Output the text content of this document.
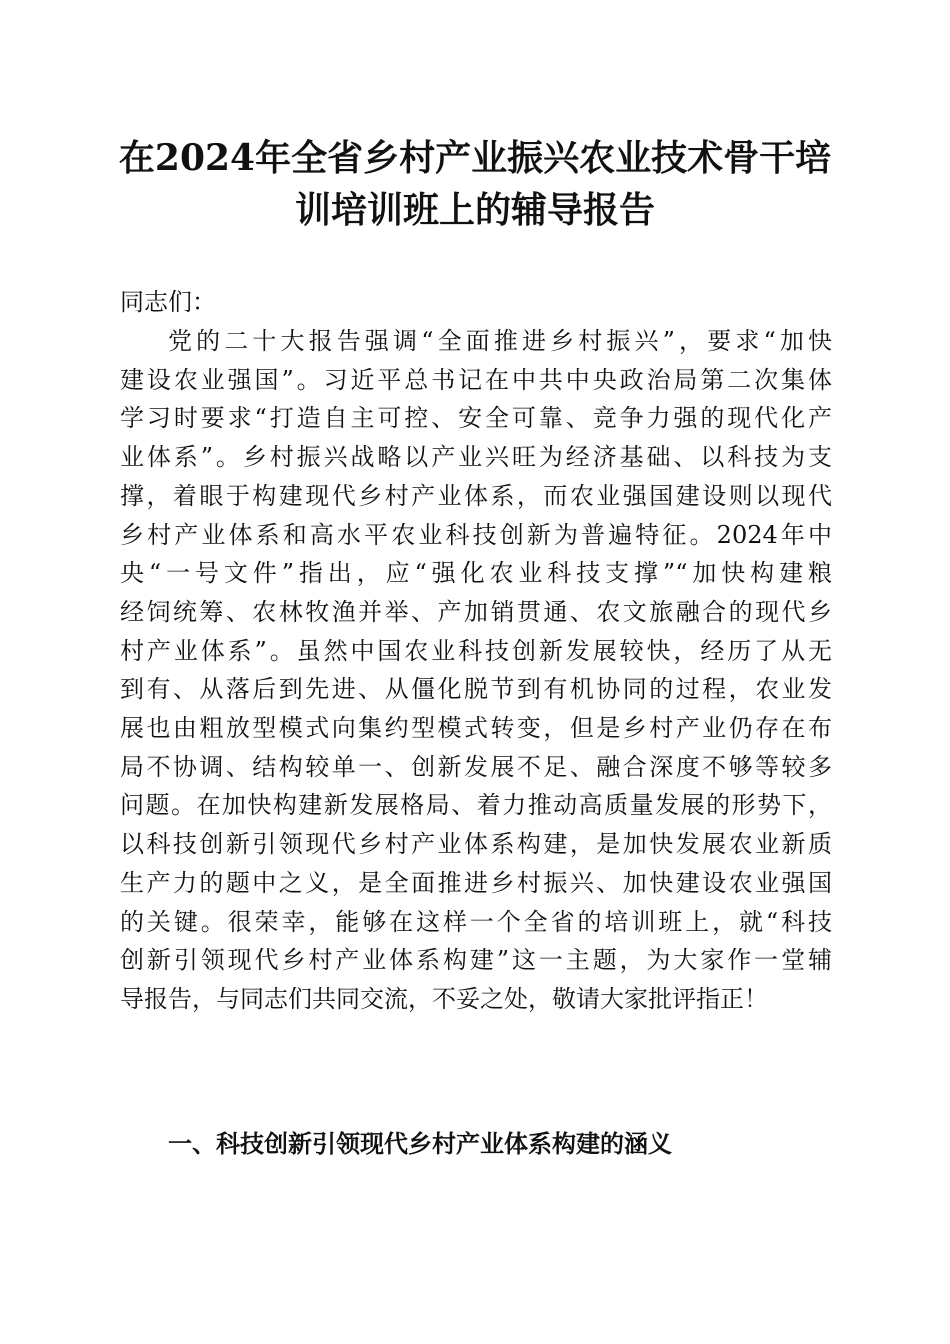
在2024年全省乡村产业振兴农业技术骨干培
训培训班上的辅导报告
同志们：
党的二十大报告强调“全面推进乡村振兴”，要求“加快
建设农业强国”。习近平总书记在中共中央政治局第二次集体
学习时要求“打造自主可控、安全可靠、竞争力强的现代化产
业体系”。乡村振兴战略以产业兴旺为经济基础、以科技为支
撑，着眼于构建现代乡村产业体系，而农业强国建设则以现代
乡村产业体系和高水平农业科技创新为普遍特征。2024年中
央“一号文件”指出，应“强化农业科技支撑”“加快构建粮
经饲统筹、农林牧渔并举、产加销贯通、农文旅融合的现代乡
村产业体系”。虽然中国农业科技创新发展较快，经历了从无
到有、从落后到先进、从僵化脱节到有机协同的过程，农业发
展也由粗放型模式向集约型模式转变，但是乡村产业仍存在布
局不协调、结构较单一、创新发展不足、融合深度不够等较多
问题。在加快构建新发展格局、着力推动高质量发展的形势下，
以科技创新引领现代乡村产业体系构建，是加快发展农业新质
生产力的题中之义，是全面推进乡村振兴、加快建设农业强国
的关键。很荣幸，能够在这样一个全省的培训班上，就“科技
创新引领现代乡村产业体系构建”这一主题，为大家作一堂辅
导报告，与同志们共同交流，不妥之处，敬请大家批评指正！
一、科技创新引领现代乡村产业体系构建的涵义
